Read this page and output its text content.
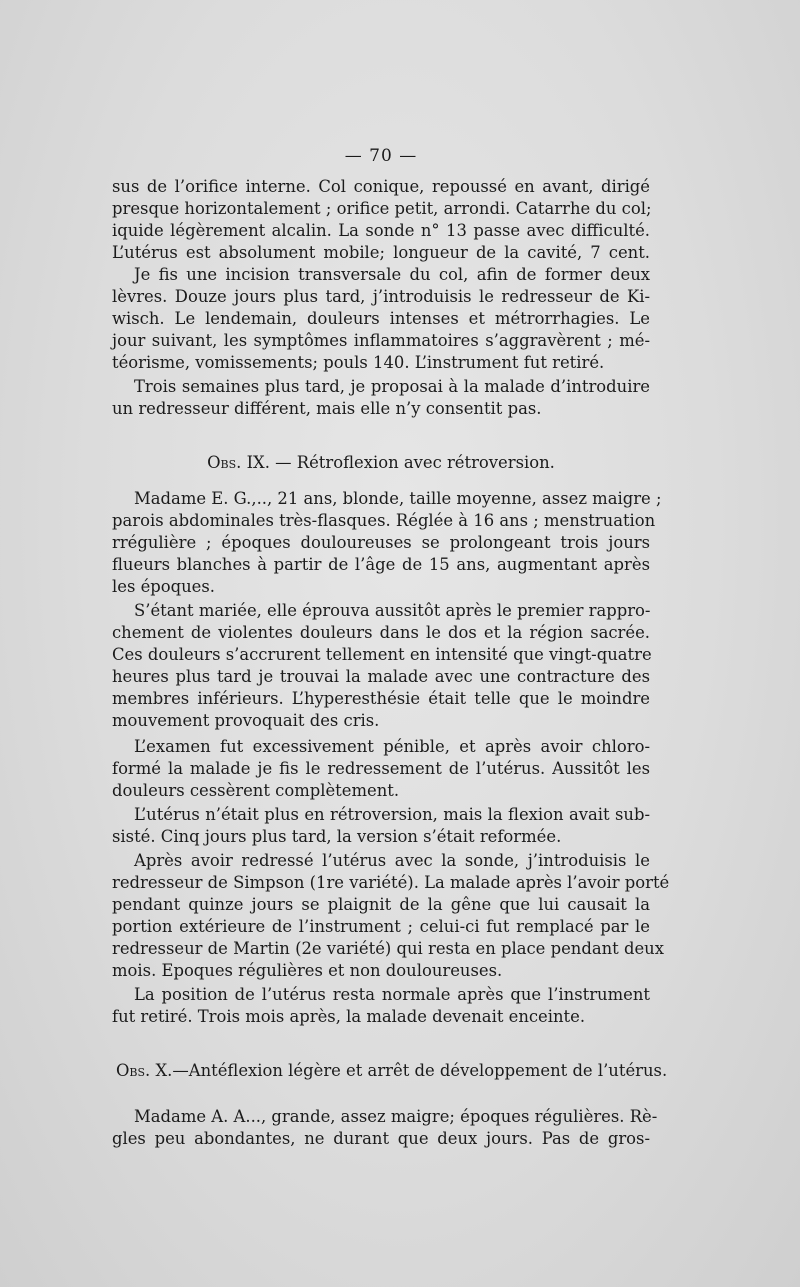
— 70 —
Obs. IX. — Rétroflexion avec rétroversion.
Obs. X.—Antéflexion légère et arrêt de développement de l’utérus.
sus de l’orifice interne. Col conique, repoussé en avant, dirigé
presque horizontalement ; orifice petit, arrondi. Catarrhe du col;
iquide légèrement alcalin. La sonde n° 13 passe avec difficulté.
L’utérus est absolument mobile; longueur de la cavité, 7 cent.
Je fis une incision transversale du col, afin de former deux
lèvres. Douze jours plus tard, j’introduisis le redresseur de Ki-
wisch. Le lendemain, douleurs intenses et métrorrhagies. Le
jour suivant, les symptômes inflammatoires s’aggravèrent ; mé-
téorisme, vomissements; pouls 140. L’instrument fut retiré.
Trois semaines plus tard, je proposai à la malade d’introduire
un redresseur différent, mais elle n’y consentit pas.
Madame E. G.,.., 21 ans, blonde, taille moyenne, assez maigre ;
parois abdominales très-flasques. Réglée à 16 ans ; menstruation
rrégulière ; époques douloureuses se prolongeant trois jours
flueurs blanches à partir de l’âge de 15 ans, augmentant après
les époques.
S’étant mariée, elle éprouva aussitôt après le premier rappro-
chement de violentes douleurs dans le dos et la région sacrée.
Ces douleurs s’accrurent tellement en intensité que vingt-quatre
heures plus tard je trouvai la malade avec une contracture des
membres inférieurs. L’hyperesthésie était telle que le moindre
mouvement provoquait des cris.
L’examen fut excessivement pénible, et après avoir chloro-
formé la malade je fis le redressement de l’utérus. Aussitôt les
douleurs cessèrent complètement.
L’utérus n’était plus en rétroversion, mais la flexion avait sub-
sisté. Cinq jours plus tard, la version s’était reformée.
Après avoir redressé l’utérus avec la sonde, j’introduisis le
redresseur de Simpson (1re variété). La malade après l’avoir porté
pendant quinze jours se plaignit de la gêne que lui causait la
portion extérieure de l’instrument ; celui-ci fut remplacé par le
redresseur de Martin (2e variété) qui resta en place pendant deux
mois. Epoques régulières et non douloureuses.
La position de l’utérus resta normale après que l’instrument
fut retiré. Trois mois après, la malade devenait enceinte.
Madame A. A..., grande, assez maigre; époques régulières. Rè-
gles peu abondantes, ne durant que deux jours. Pas de gros-
